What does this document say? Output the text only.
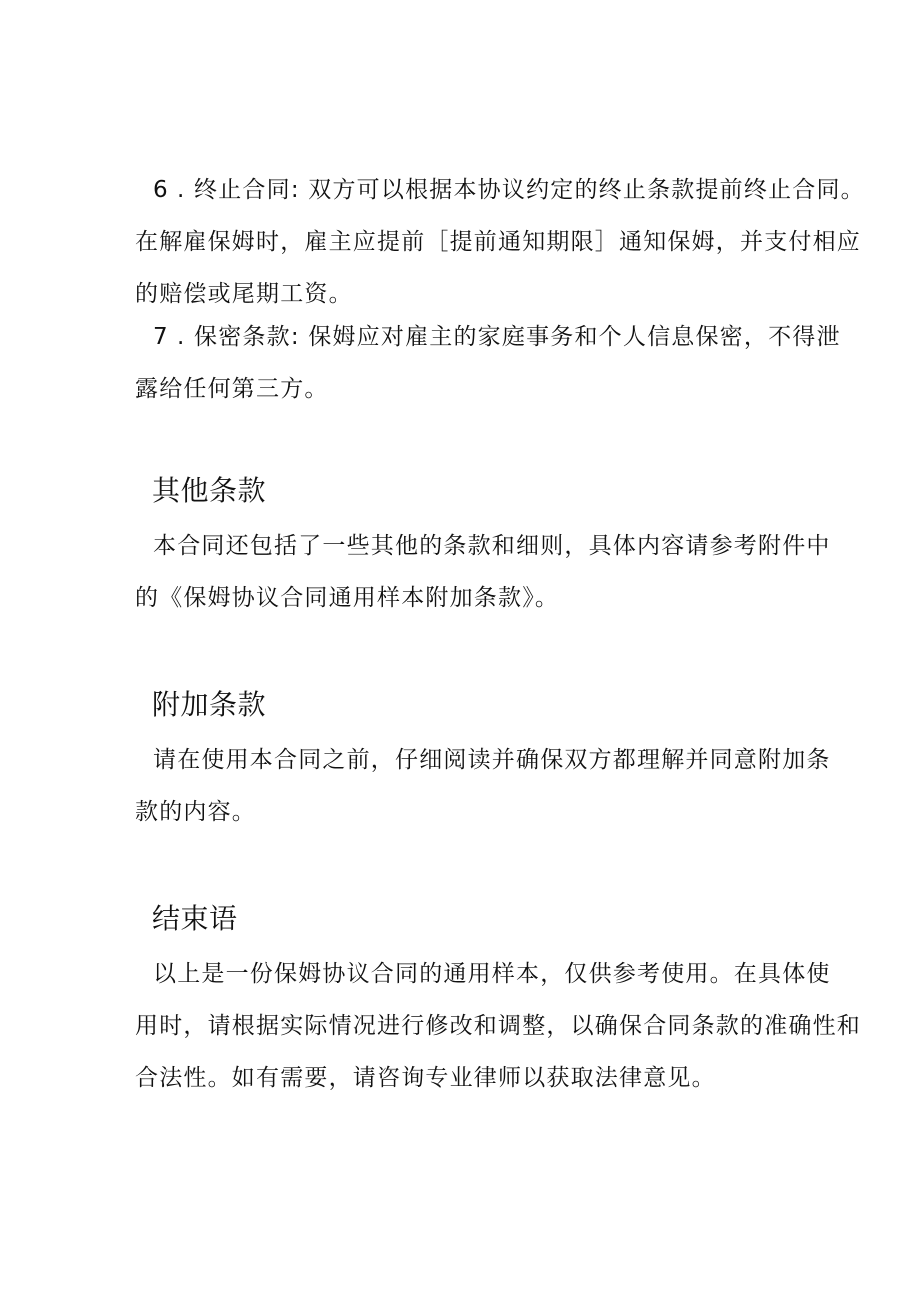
6 . 终止合同: 双方可以根据本协议约定的终止条款提前终止合同。
在解雇保姆时，雇主应提前［提前通知期限］通知保姆，并支付相应
的赔偿或尾期工资。

7 . 保密条款: 保姆应对雇主的家庭事务和个人信息保密，不得泄
露给任何第三方。

其他条款

本合同还包括了一些其他的条款和细则，具体内容请参考附件中
的《保姆协议合同通用样本附加条款》。

附加条款

请在使用本合同之前，仔细阅读并确保双方都理解并同意附加条
款的内容。

结束语

以上是一份保姆协议合同的通用样本，仅供参考使用。在具体使
用时，请根据实际情况进行修改和调整，以确保合同条款的准确性和
合法性。如有需要，请咨询专业律师以获取法律意见。
